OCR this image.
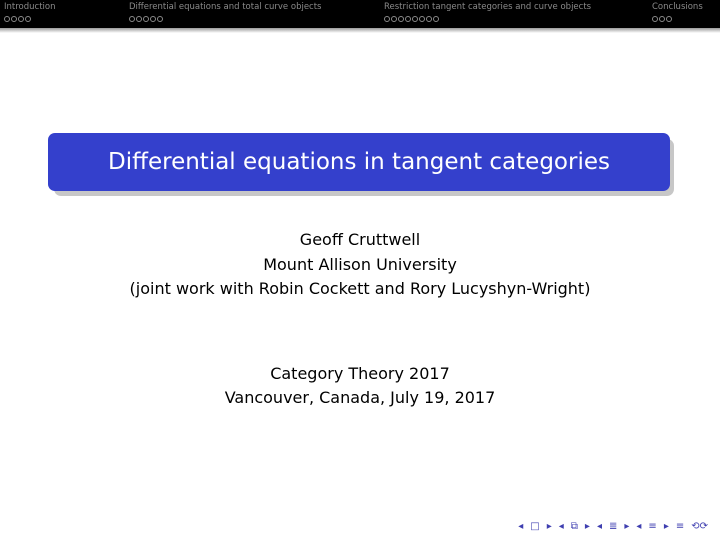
Introduction	Differential equations and total curve objects	Restriction tangent categories and curve objects	Conclusions
Differential equations in tangent categories
Geoff Cruttwell
Mount Allison University
(joint work with Robin Cockett and Rory Lucyshyn-Wright)
Category Theory 2017
Vancouver, Canada, July 19, 2017
◂ □ ▸ ◂ ⧉ ▸ ◂ ≣ ▸ ◂ ≡ ▸ ≡ ⟲⟳
